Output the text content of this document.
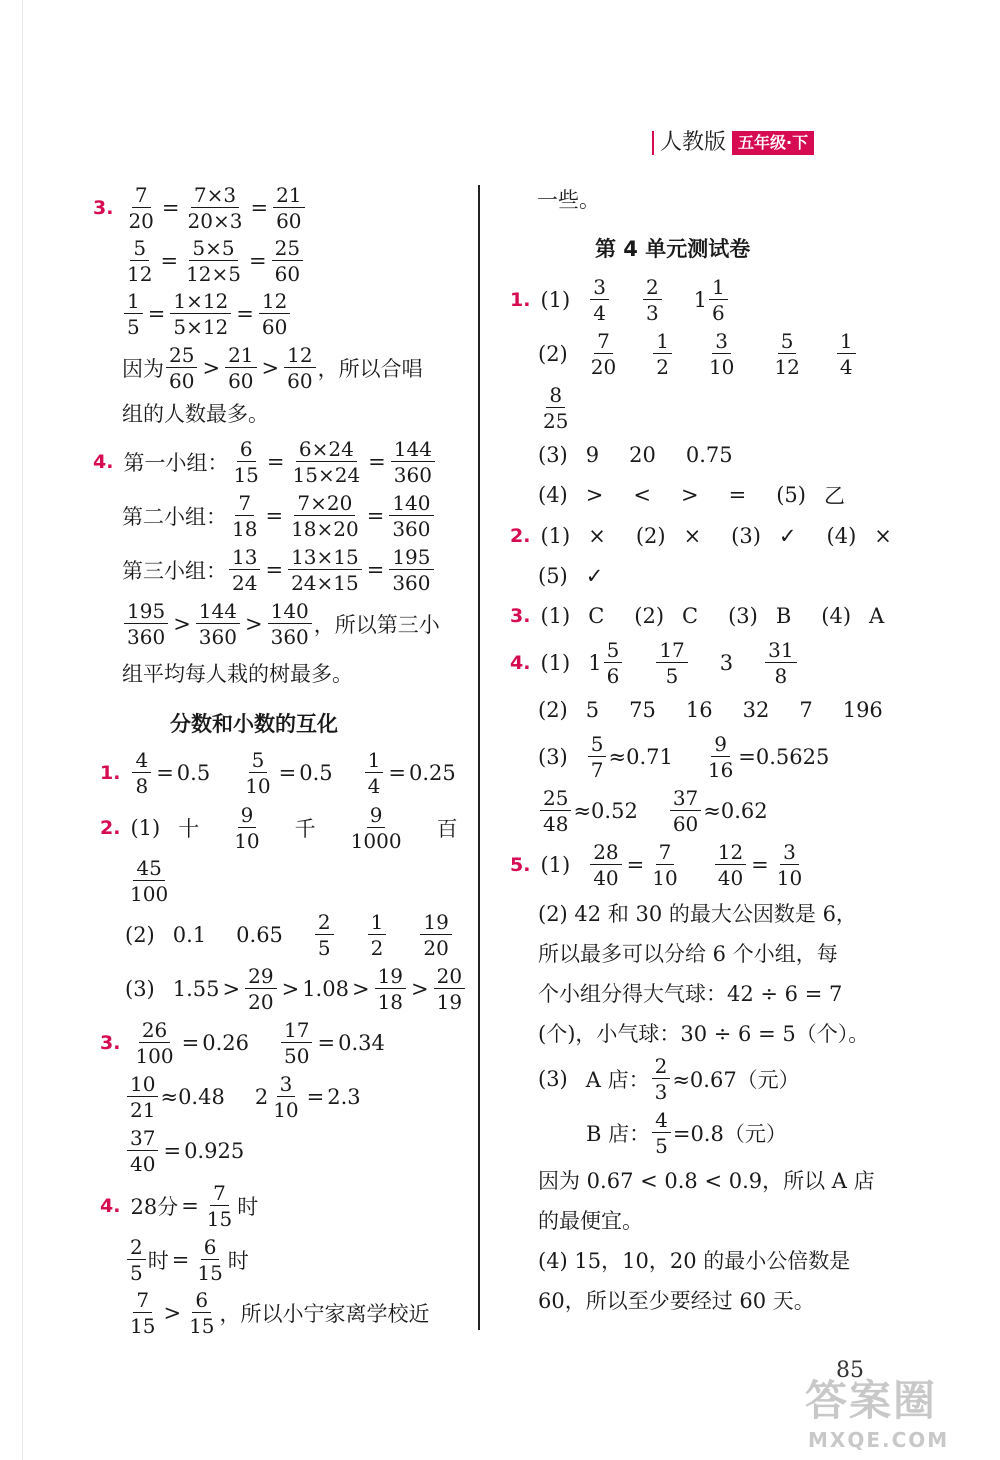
人教版 五年级·下
3. $\frac{7}{20} = \frac{7\times 3}{20\times 3} = \frac{21}{60}$
$\frac{5}{12} = \frac{5\times 5}{12\times 5} = \frac{25}{60}$
$\frac{1}{5} = \frac{1\times 12}{5\times 12} = \frac{12}{60}$
因为
25
60
>
21
60
>
12
60 ，所以合唱
组的人数最多。
4. 第一小组： $\frac{6}{15} = \frac{6\times 24}{15\times 24} = \frac{144}{360}$
第二小组： $\frac{7}{18} = \frac{7\times 20}{18\times 20} = \frac{140}{360}$
第三小组： $\frac{13}{24} = \frac{13\times 15}{24\times 15} = \frac{195}{360}$
195
360
>
144
360
>
140
360 ，所以第三小
组平均每人栽的树最多。
分数和小数的互化
1. $\frac{4}{8} = 0.5 \frac{5}{10} = 0.5 \frac{1}{4} = 0.25$
2. (1) 十
9
10 千
9
1000 百
45
100
(2) 0.1 0.65
2
5
1
2
19
20
(3) 1.55 >
29
20
> 1.08 >
19
18
>
20
19
3. $\frac{26}{100} = 0.26 \frac{17}{50} = 0.34$
$\frac{10}{21} \approx 0.48$ $2 \frac{3}{10} = 2.3$
$\frac{37}{40} = 0.925$
4. 28分 = $\frac{7}{15}$ 时
2
5 时 = $\frac{6}{15}$ 时
7
15
>
6
15 ，所以小宁家离学校近
一些。
第 4 单元测试卷
1. (1)
3
4
2
3
1
1
6
(2)
7
20
1
2
3
10
5
12
1
4
8
25
(3) 9 20 0.75
(4) > < > = (5) 乙
2. (1) × (2) × (3) ✓ (4) ×
(5) ✓
3. (1) C (2) C (3) B (4) A
4. (1) 1
5
6
17
5
3
31
8
(2) 5 75 16 32 7 196
$(3) \frac{5}{7} \approx 0.71 \frac{9}{16} =0.5625$
$\frac{25}{48} \approx 0.52 \frac{37}{60} \approx 0.62$
5. $(1) \frac{28}{40} = \frac{7}{10} \frac{12}{40} = \frac{3}{10}$
(2) 42 和 30 的最大公因数是 6，
所以最多可以分给 6 个小组，每
个小组分得大气球：42 ÷ 6 = 7
(个)，小气球：30 ÷ 6 = 5（个）。
(3) A 店： $\frac{2}{3} \approx 0.67$（元）
B 店： $\frac{4}{5} =0.8$（元）
因为 0.67 < 0.8 < 0.9，所以 A 店
的最便宜。
(4) 15，10，20 的最小公倍数是
60，所以至少要经过 60 天。
85
答案圈
MXQE.COM
